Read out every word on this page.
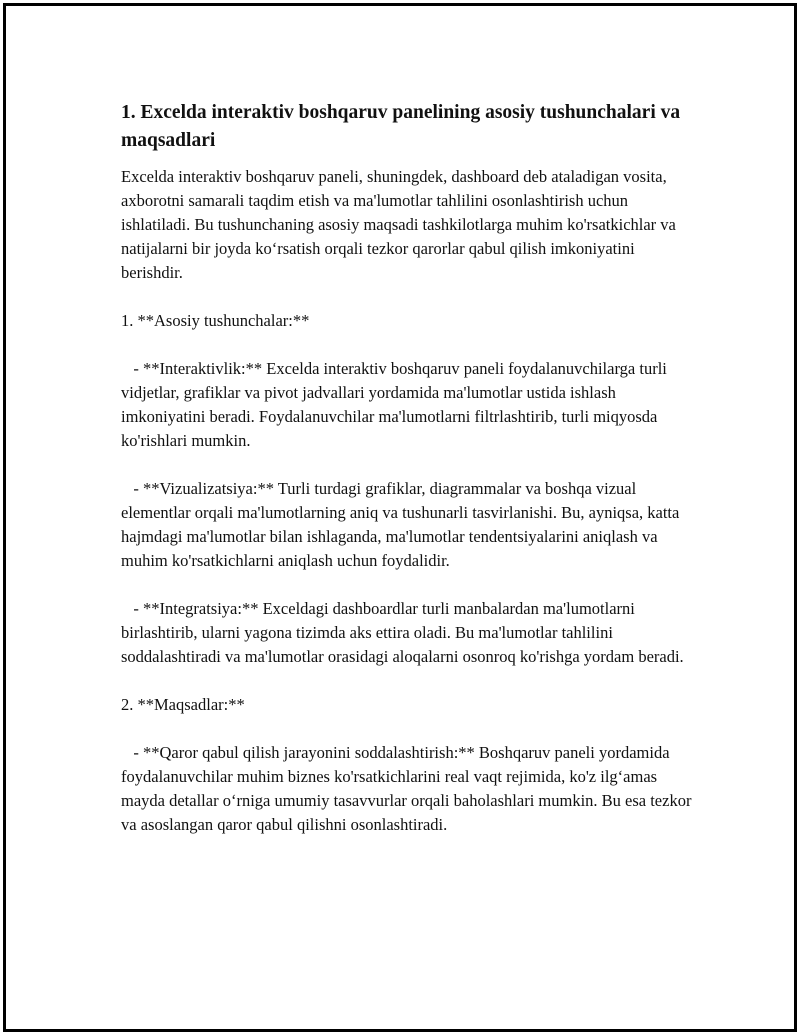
1. Excelda interaktiv boshqaruv panelining asosiy tushunchalari va maqsadlari

Excelda interaktiv boshqaruv paneli, shuningdek, dashboard deb ataladigan vosita, axborotni samarali taqdim etish va ma'lumotlar tahlilini osonlashtirish uchun ishlatiladi. Bu tushunchaning asosiy maqsadi tashkilotlarga muhim ko'rsatkichlar va natijalarni bir joyda ko‘rsatish orqali tezkor qarorlar qabul qilish imkoniyatini berishdir.

1. **Asosiy tushunchalar:**

- **Interaktivlik:** Excelda interaktiv boshqaruv paneli foydalanuvchilarga turli vidjetlar, grafiklar va pivot jadvallari yordamida ma'lumotlar ustida ishlash imkoniyatini beradi. Foydalanuvchilar ma'lumotlarni filtrlashtirib, turli miqyosda ko'rishlari mumkin.

- **Vizualizatsiya:** Turli turdagi grafiklar, diagrammalar va boshqa vizual elementlar orqali ma'lumotlarning aniq va tushunarli tasvirlanishi. Bu, ayniqsa, katta hajmdagi ma'lumotlar bilan ishlaganda, ma'lumotlar tendentsiyalarini aniqlash va muhim ko'rsatkichlarni aniqlash uchun foydalidir.

- **Integratsiya:** Exceldagi dashboardlar turli manbalardan ma'lumotlarni birlashtirib, ularni yagona tizimda aks ettira oladi. Bu ma'lumotlar tahlilini soddalashtiradi va ma'lumotlar orasidagi aloqalarni osonroq ko'rishga yordam beradi.

2. **Maqsadlar:**

- **Qaror qabul qilish jarayonini soddalashtirish:** Boshqaruv paneli yordamida foydalanuvchilar muhim biznes ko'rsatkichlarini real vaqt rejimida, ko'z ilg‘amas mayda detallar o‘rniga umumiy tasavvurlar orqali baholashlari mumkin. Bu esa tezkor va asoslangan qaror qabul qilishni osonlashtiradi.
